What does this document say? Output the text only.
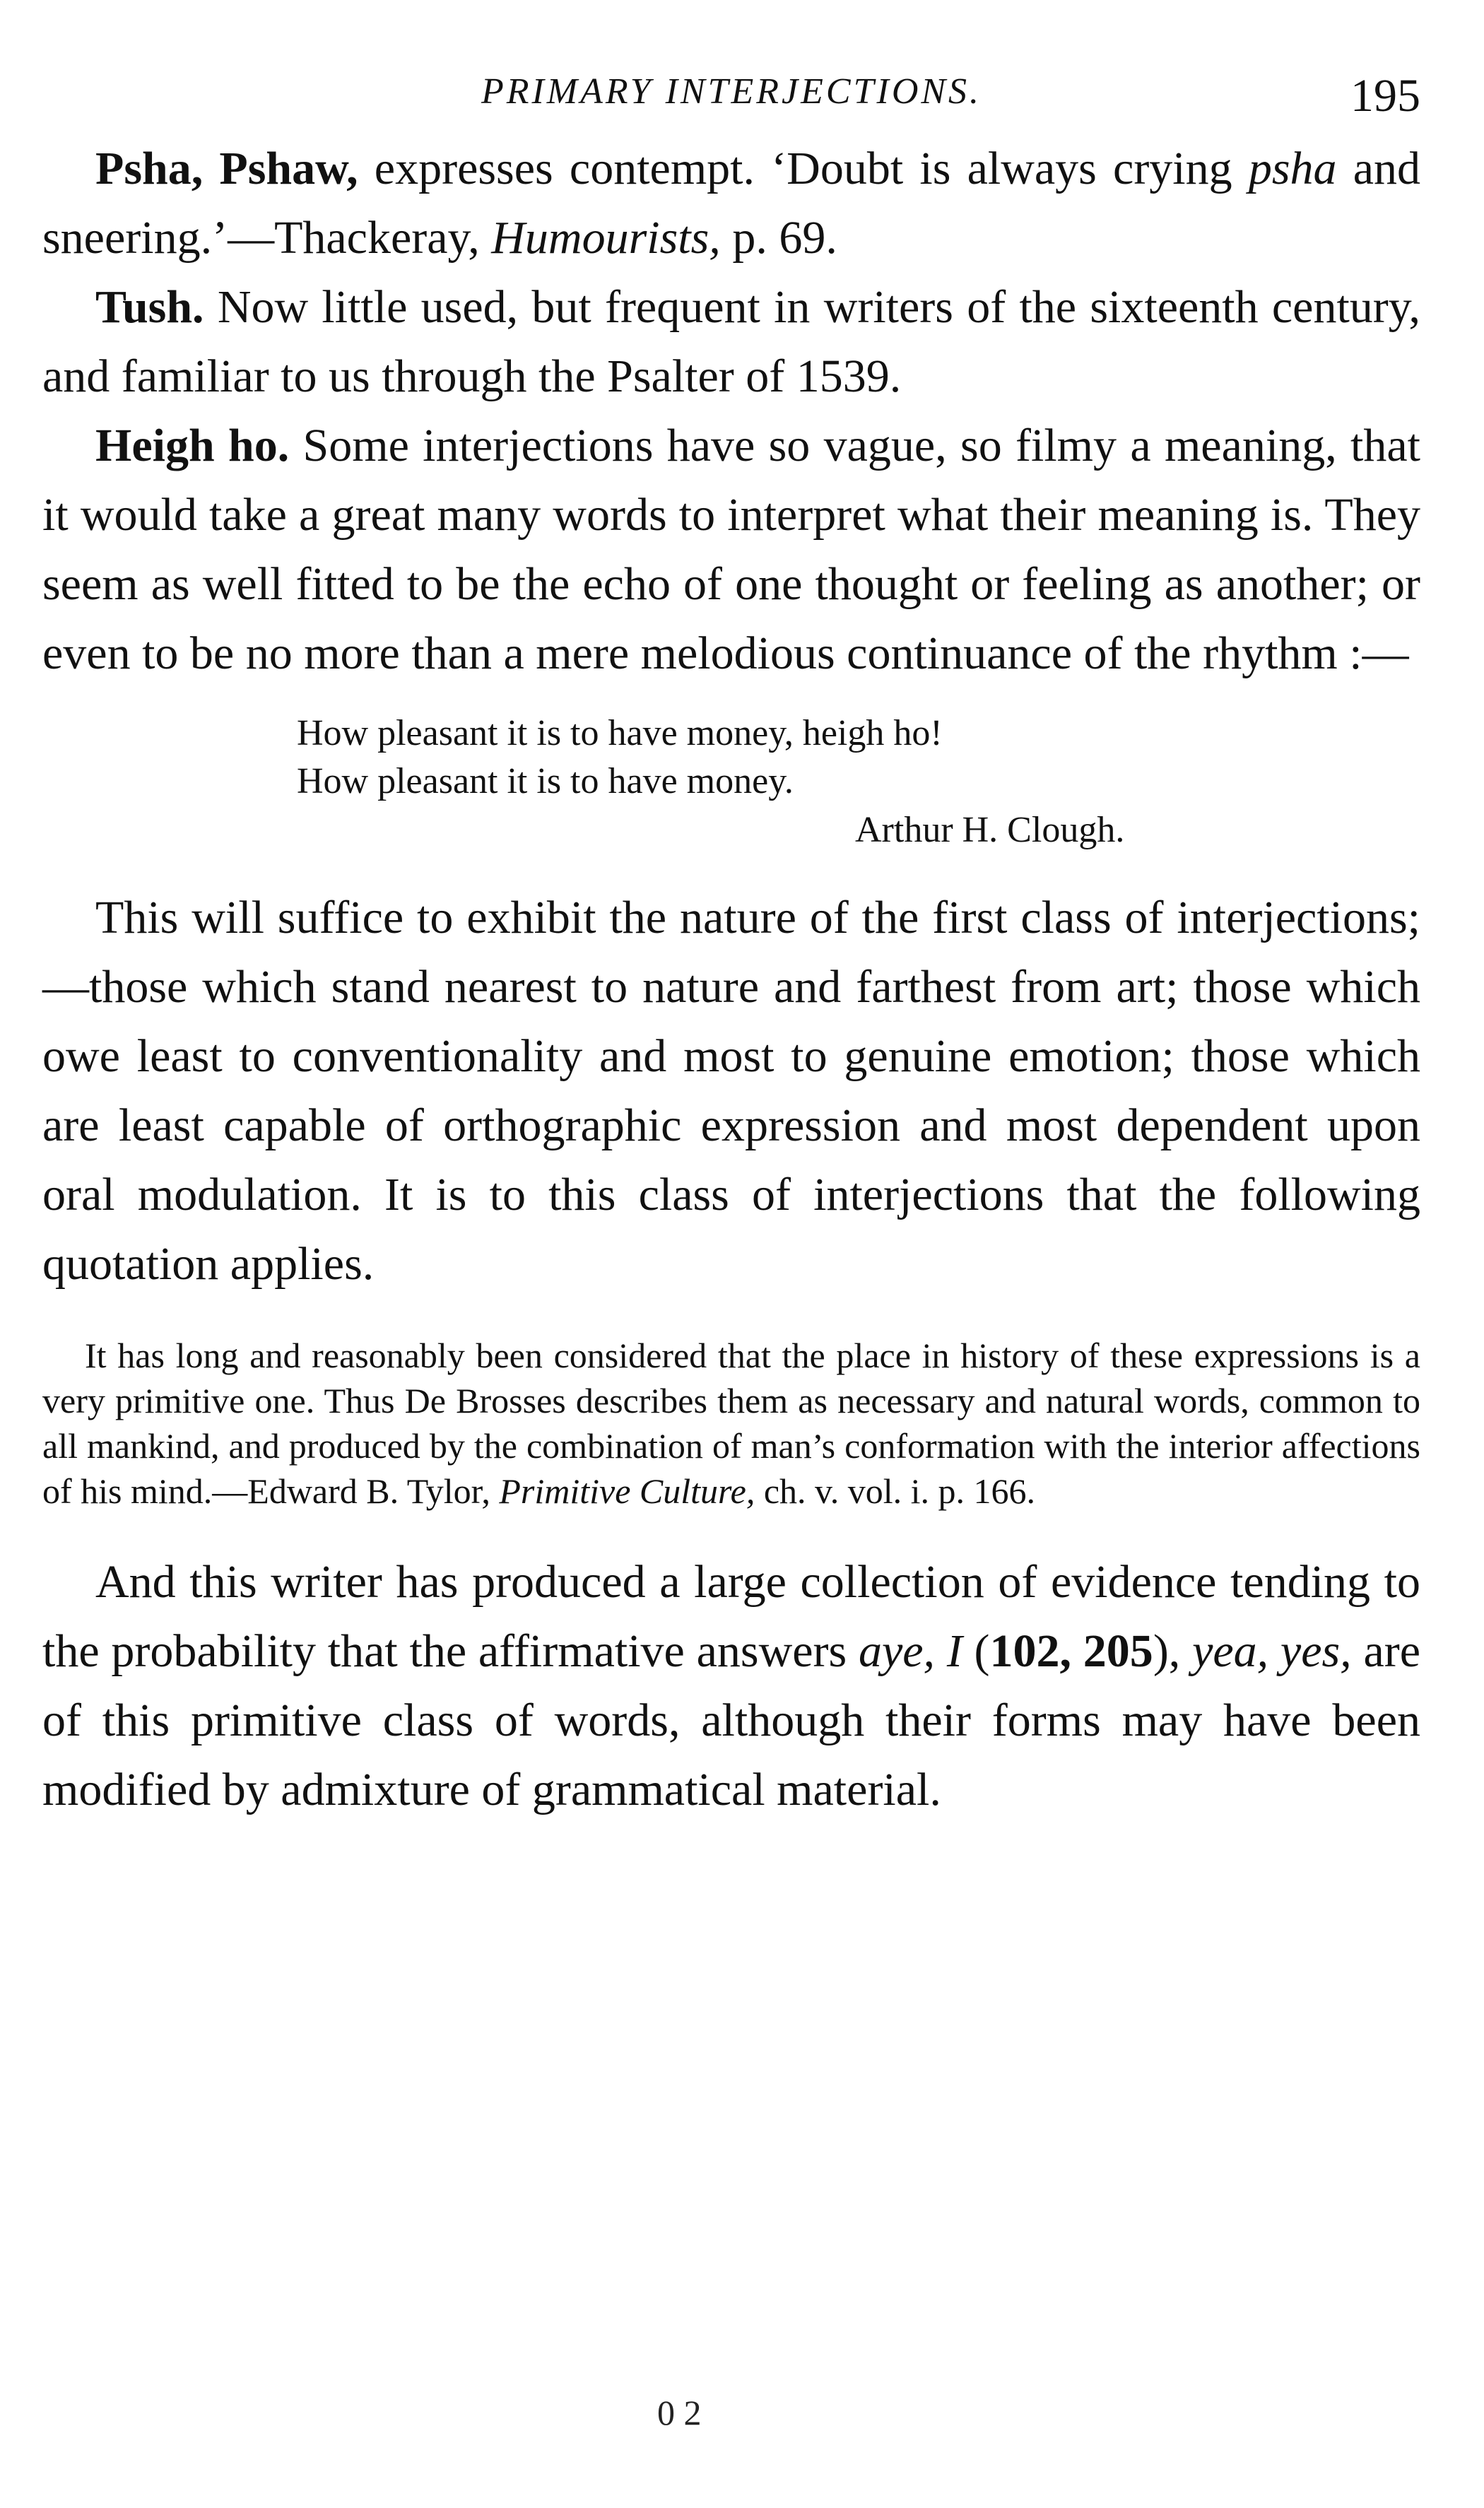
PRIMARY INTERJECTIONS.	195

Psha, Pshaw, expresses contempt. ‘Doubt is always crying psha and sneering.’—Thackeray, Humourists, p. 69.

Tush. Now little used, but frequent in writers of the sixteenth century, and familiar to us through the Psalter of 1539.

Heigh ho. Some interjections have so vague, so filmy a meaning, that it would take a great many words to interpret what their meaning is. They seem as well fitted to be the echo of one thought or feeling as another; or even to be no more than a mere melodious continuance of the rhythm :—

How pleasant it is to have money, heigh ho!
How pleasant it is to have money.
Arthur H. Clough.

This will suffice to exhibit the nature of the first class of interjections;—those which stand nearest to nature and farthest from art; those which owe least to conventionality and most to genuine emotion; those which are least capable of orthographic expression and most dependent upon oral modulation. It is to this class of interjections that the following quotation applies.

It has long and reasonably been considered that the place in history of these expressions is a very primitive one. Thus De Brosses describes them as necessary and natural words, common to all mankind, and produced by the combination of man’s conformation with the interior affections of his mind.—Edward B. Tylor, Primitive Culture, ch. v. vol. i. p. 166.

And this writer has produced a large collection of evidence tending to the probability that the affirmative answers aye, I (102, 205), yea, yes, are of this primitive class of words, although their forms may have been modified by admixture of grammatical material.

0 2
